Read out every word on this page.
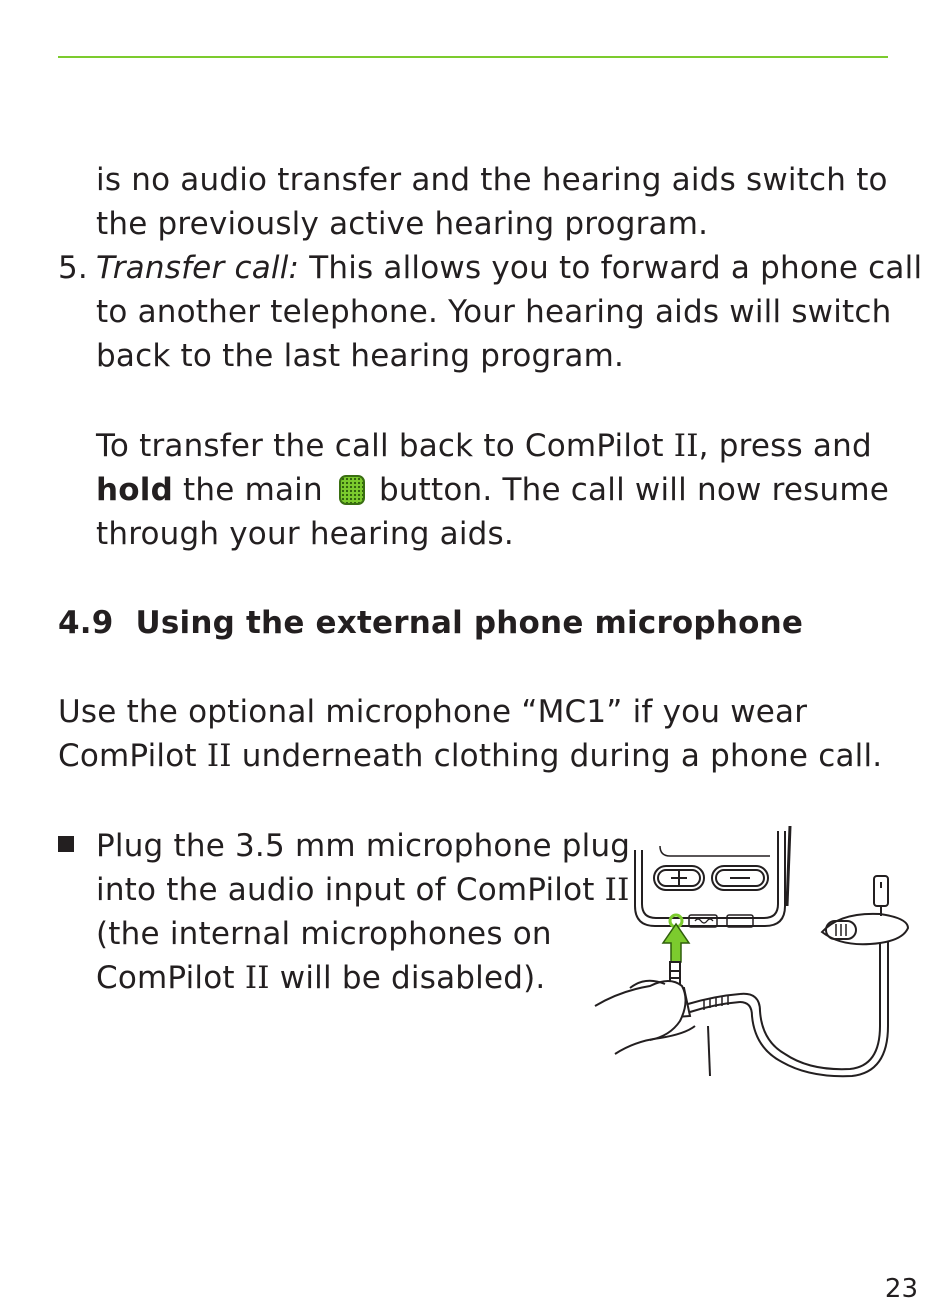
is no audio transfer and the hearing aids switch to
the previously active hearing program.
5. Transfer call: This allows you to forward a phone call
to another telephone. Your hearing aids will switch
back to the last hearing program.
To transfer the call back to ComPilot II, press and
hold the main  button. The call will now resume
through your hearing aids.
4.9 Using the external phone microphone
Use the optional microphone “MC1” if you wear
ComPilot II underneath clothing during a phone call.
Plug the 3.5 mm microphone plug
into the audio input of ComPilot II
(the internal microphones on
ComPilot II will be disabled).
23
